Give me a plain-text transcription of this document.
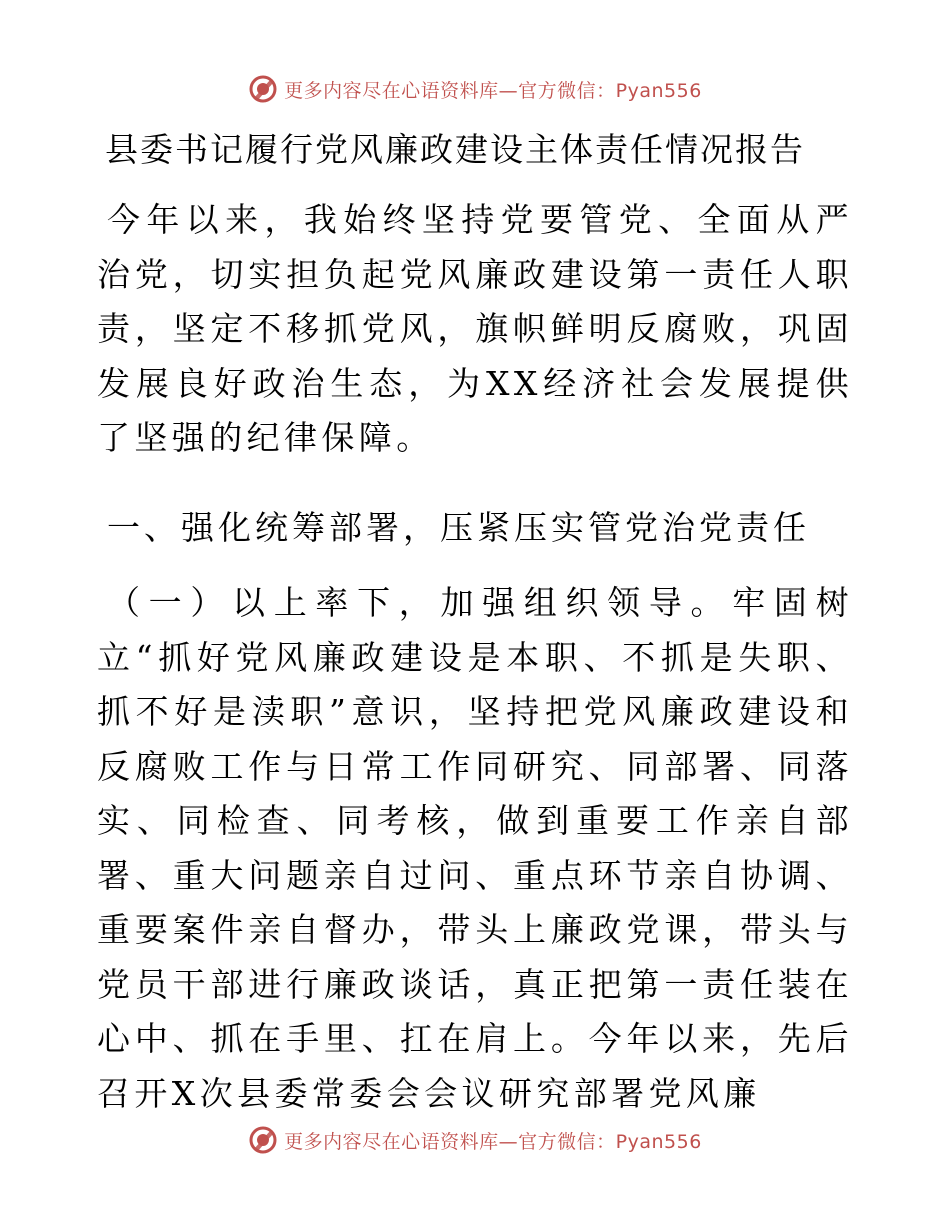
更多内容尽在心语资料库—官方微信：Pyan556
县委书记履行党风廉政建设主体责任情况报告
今年以来，我始终坚持党要管党、全面从严治党，切实担负起党风廉政建设第一责任人职责，坚定不移抓党风，旗帜鲜明反腐败，巩固发展良好政治生态，为XX经济社会发展提供了坚强的纪律保障。
一、强化统筹部署，压紧压实管党治党责任
（一）以上率下，加强组织领导。牢固树立“抓好党风廉政建设是本职、不抓是失职、抓不好是渎职”意识，坚持把党风廉政建设和反腐败工作与日常工作同研究、同部署、同落实、同检查、同考核，做到重要工作亲自部署、重大问题亲自过问、重点环节亲自协调、重要案件亲自督办，带头上廉政党课，带头与党员干部进行廉政谈话，真正把第一责任装在心中、抓在手里、扛在肩上。今年以来，先后召开X次县委常委会会议研究部署党风廉
更多内容尽在心语资料库—官方微信：Pyan556
